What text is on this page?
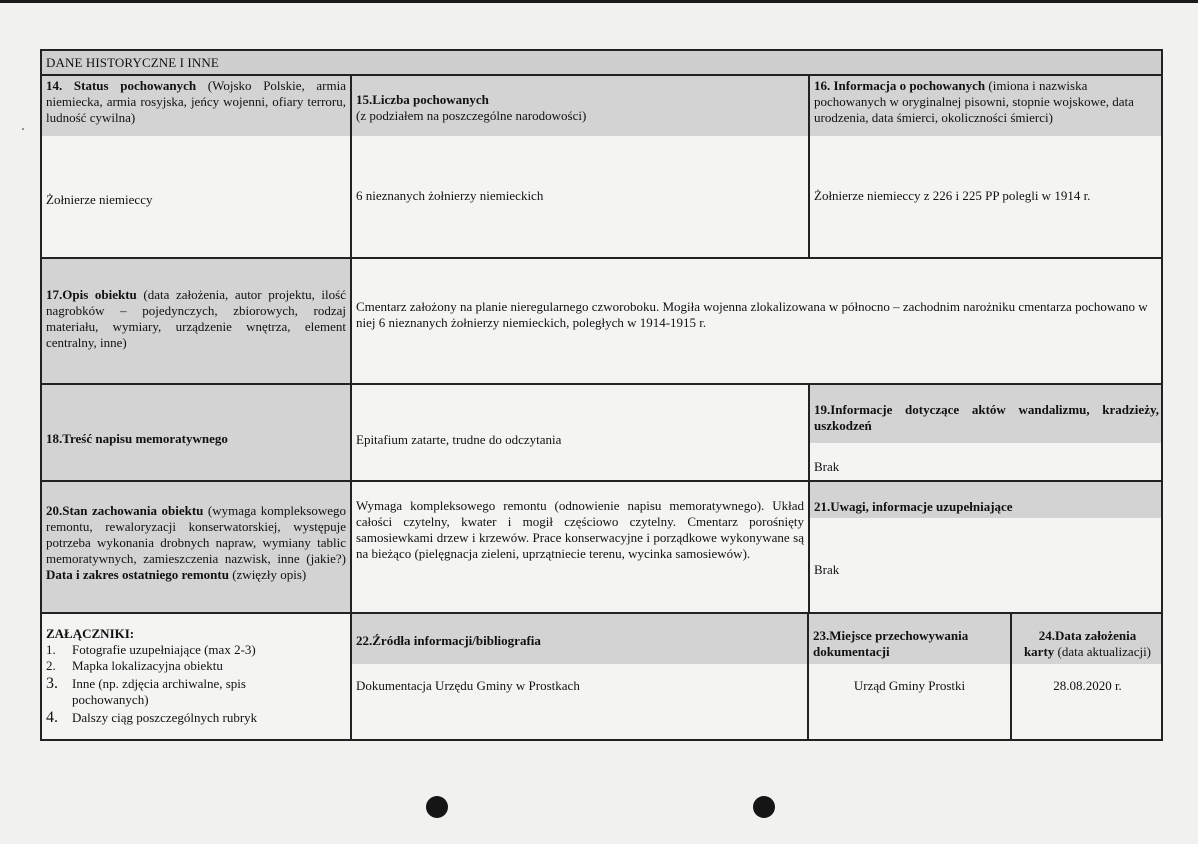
DANE HISTORYCZNE I INNE
14. Status pochowanych (Wojsko Polskie, armia niemiecka, armia rosyjska, jeńcy wojenni, ofiary terroru, ludność cywilna)
Żołnierze niemieccy
15.Liczba pochowanych
(z podziałem na poszczególne narodowości)
6 nieznanych żołnierzy niemieckich
16. Informacja o pochowanych (imiona i nazwiska pochowanych w oryginalnej pisowni, stopnie wojskowe, data urodzenia, data śmierci, okoliczności śmierci)
Żołnierze niemieccy z 226 i 225 PP polegli w 1914 r.
17.Opis obiektu (data założenia, autor projektu, ilość nagrobków – pojedynczych, zbiorowych, rodzaj materiału, wymiary, urządzenie wnętrza, element centralny, inne)
Cmentarz założony na planie nieregularnego czworoboku. Mogiła wojenna zlokalizowana w północno – zachodnim narożniku cmentarza pochowano w niej 6 nieznanych żołnierzy niemieckich, poległych w 1914-1915 r.
18.Treść napisu memoratywnego	Epitafium zatarte, trudne do odczytania
19.Informacje dotyczące aktów wandalizmu, kradzieży, uszkodzeń
Brak
20.Stan zachowania obiektu (wymaga kompleksowego remontu, rewaloryzacji konserwatorskiej, występuje potrzeba wykonania drobnych napraw, wymiany tablic memoratywnych, zamieszczenia nazwisk, inne (jakie?) Data i zakres ostatniego remontu (zwięzły opis)
Wymaga kompleksowego remontu (odnowienie napisu memoratywnego). Układ całości czytelny, kwater i mogił częściowo czytelny. Cmentarz porośnięty samosiewkami drzew i krzewów. Prace konserwacyjne i porządkowe wykonywane są na bieżąco (pielęgnacja zieleni, uprzątniecie terenu, wycinka samosiewów).
21.Uwagi, informacje uzupełniające
Brak
ZAŁĄCZNIKI:
1.	Fotografie uzupełniające (max 2-3)
2.	Mapka lokalizacyjna obiektu
3.	Inne (np. zdjęcia archiwalne, spis pochowanych)
4.	Dalszy ciąg poszczególnych rubryk
22.Źródła informacji/bibliografia
Dokumentacja Urzędu Gminy w Prostkach
23.Miejsce przechowywania dokumentacji
Urząd Gminy Prostki
24.Data założenia
karty (data aktualizacji)
28.08.2020 r.
